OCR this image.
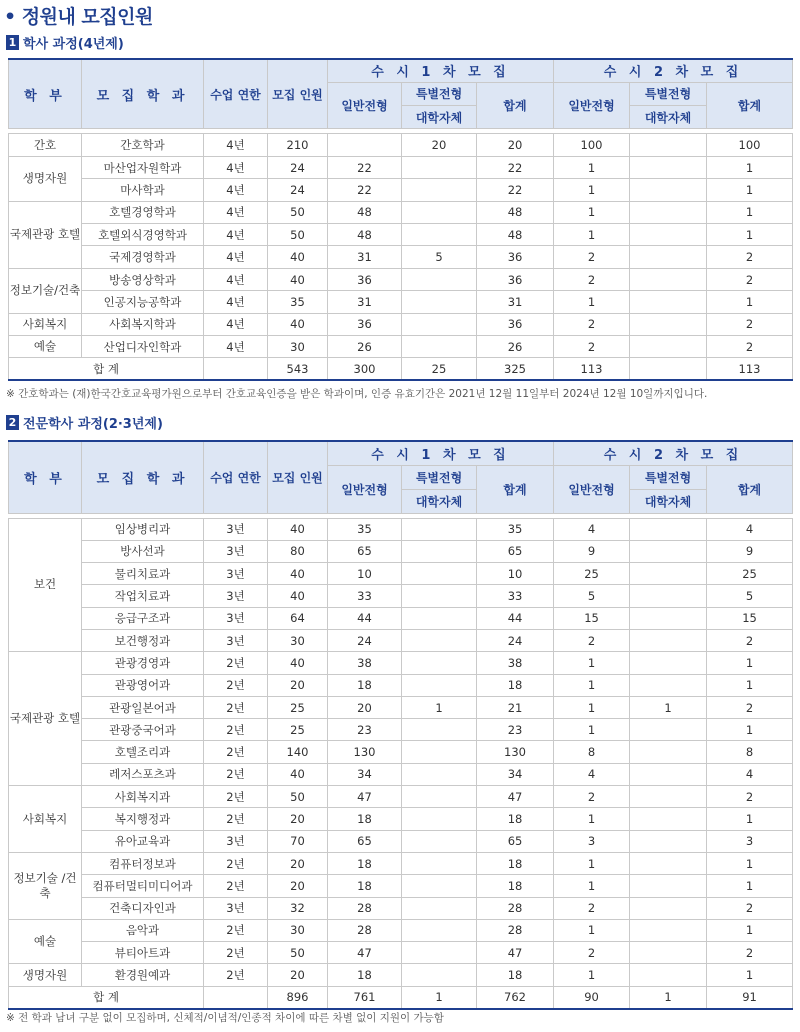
• 정원내 모집인원
1 학사 과정(4년제)
학 부	모 집 학 과	수업 연한	모집 인원	수 시 1 차 모 집			수 시 2 차 모 집		
				일반전형	특별전형	합계	일반전형	특별전형	합계
					대학자체			대학자체	

간호	간호학과	4년	210		20	20	100		100
생명자원	마산업자원학과	4년	24	22		22	1		1
	마사학과	4년	24	22		22	1		1
국제관광 호텔	호텔경영학과	4년	50	48		48	1		1
	호텔외식경영학과	4년	50	48		48	1		1
	국제경영학과	4년	40	31	5	36	2		2
정보기술/건축	방송영상학과	4년	40	36		36	2		2
	인공지능공학과	4년	35	31		31	1		1
사회복지	사회복지학과	4년	40	36		36	2		2
예술	산업디자인학과	4년	30	26		26	2		2
합 계			543	300	25	325	113		113
※ 간호학과는 (재)한국간호교육평가원으로부터 간호교육인증을 받은 학과이며, 인증 유효기간은 2021년 12월 11일부터 2024년 12월 10일까지입니다.
2 전문학사 과정(2·3년제)
학 부	모 집 학 과	수업 연한	모집 인원	수 시 1 차 모 집			수 시 2 차 모 집		
				일반전형	특별전형	합계	일반전형	특별전형	합계
					대학자체			대학자체	

보건	임상병리과	3년	40	35		35	4		4
	방사선과	3년	80	65		65	9		9
	물리치료과	3년	40	10		10	25		25
	작업치료과	3년	40	33		33	5		5
	응급구조과	3년	64	44		44	15		15
	보건행정과	3년	30	24		24	2		2
국제관광 호텔	관광경영과	2년	40	38		38	1		1
	관광영어과	2년	20	18		18	1		1
	관광일본어과	2년	25	20	1	21	1	1	2
	관광중국어과	2년	25	23		23	1		1
	호텔조리과	2년	140	130		130	8		8
	레저스포츠과	2년	40	34		34	4		4
사회복지	사회복지과	2년	50	47		47	2		2
	복지행정과	2년	20	18		18	1		1
	유아교육과	3년	70	65		65	3		3
정보기술 /건축	컴퓨터정보과	2년	20	18		18	1		1
	컴퓨터멀티미디어과	2년	20	18		18	1		1
	건축디자인과	3년	32	28		28	2		2
예술	음악과	2년	30	28		28	1		1
	뷰티아트과	2년	50	47		47	2		2
생명자원	환경원예과	2년	20	18		18	1		1
합 계			896	761	1	762	90	1	91
※ 전 학과 남녀 구분 없이 모집하며, 신체적/이념적/인종적 차이에 따른 차별 없이 지원이 가능함
